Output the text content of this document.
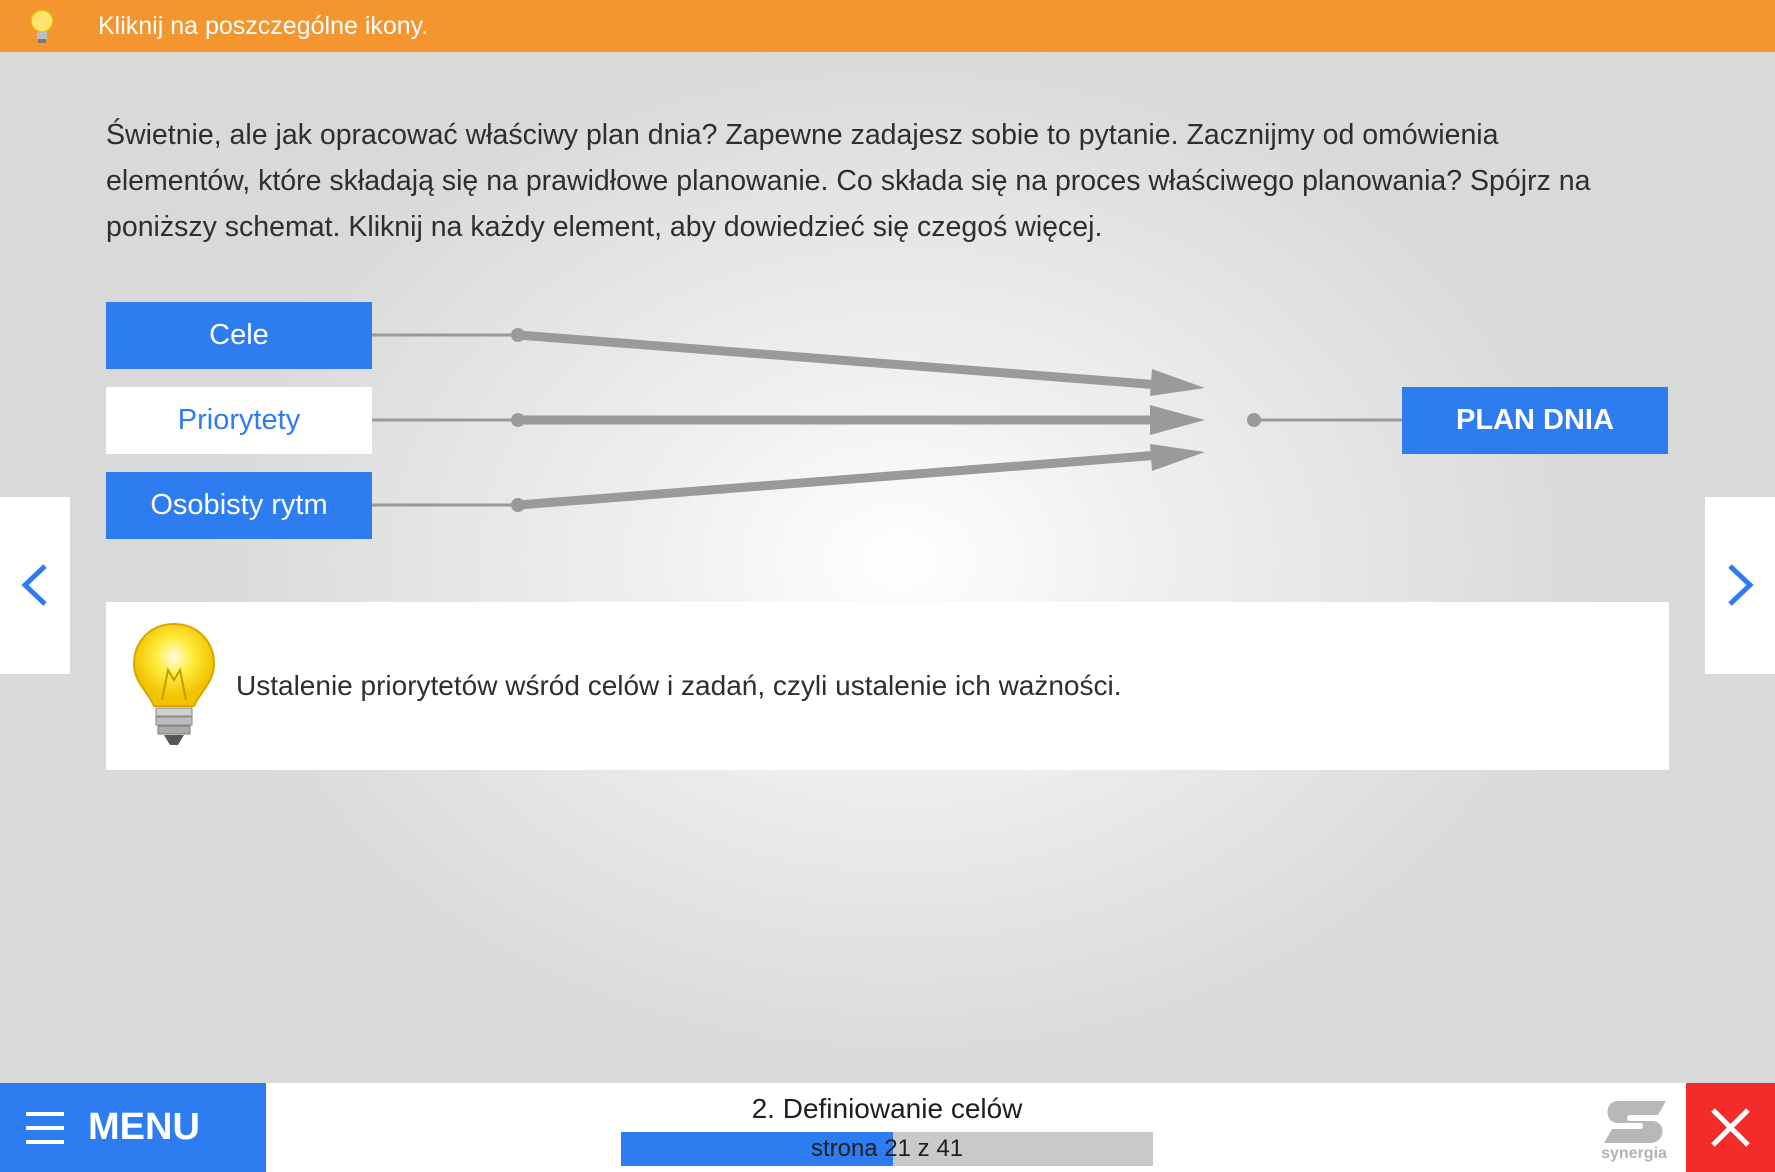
Kliknij na poszczególne ikony.

Świetnie, ale jak opracować właściwy plan dnia? Zapewne zadajesz sobie to pytanie. Zacznijmy od omówienia elementów, które składają się na prawidłowe planowanie. Co składa się na proces właściwego planowania? Spójrz na poniższy schemat. Kliknij na każdy element, aby dowiedzieć się czegoś więcej.

Cele
Priorytety
Osobisty rytm
PLAN DNIA
Ustalenie priorytetów wśród celów i zadań, czyli ustalenie ich ważności.
MENU	2. Definiowanie celów
strona 21 z 41	synergia
